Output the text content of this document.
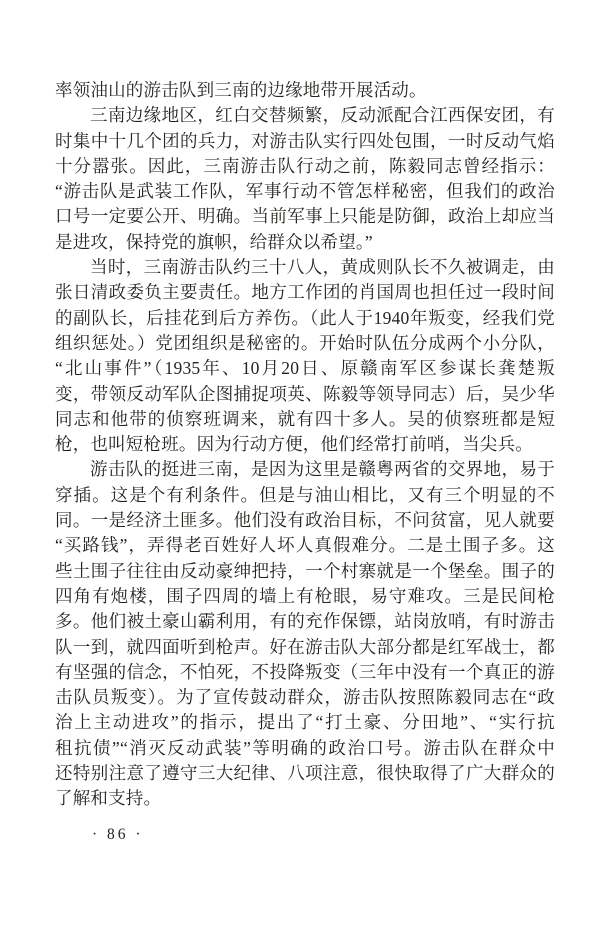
率领油山的游击队到三南的边缘地带开展活动。
三南边缘地区，红白交替频繁，反动派配合江西保安团，有
时集中十几个团的兵力，对游击队实行四处包围，一时反动气焰
十分嚣张。因此，三南游击队行动之前，陈毅同志曾经指示：
“游击队是武装工作队，军事行动不管怎样秘密，但我们的政治
口号一定要公开、明确。当前军事上只能是防御，政治上却应当
是进攻，保持党的旗帜，给群众以希望。”
当时，三南游击队约三十八人，黄成则队长不久被调走，由
张日清政委负主要责任。地方工作团的肖国周也担任过一段时间
的副队长，后挂花到后方养伤。（此人于1940年叛变，经我们党
组织惩处。）党团组织是秘密的。开始时队伍分成两个小分队，
“北山事件”（1935年、10月20日、原赣南军区参谋长龚楚叛
变，带领反动军队企图捕捉项英、陈毅等领导同志）后，吴少华
同志和他带的侦察班调来，就有四十多人。吴的侦察班都是短
枪，也叫短枪班。因为行动方便，他们经常打前哨，当尖兵。
游击队的挺进三南，是因为这里是赣粤两省的交界地，易于
穿插。这是个有利条件。但是与油山相比，又有三个明显的不
同。一是经济土匪多。他们没有政治目标，不问贫富，见人就要
“买路钱”，弄得老百姓好人坏人真假难分。二是土围子多。这
些土围子往往由反动豪绅把持，一个村寨就是一个堡垒。围子的
四角有炮楼，围子四周的墙上有枪眼，易守难攻。三是民间枪
多。他们被土豪山霸利用，有的充作保镖，站岗放哨，有时游击
队一到，就四面听到枪声。好在游击队大部分都是红军战士，都
有坚强的信念，不怕死，不投降叛变（三年中没有一个真正的游
击队员叛变）。为了宣传鼓动群众，游击队按照陈毅同志在“政
治上主动进攻”的指示，提出了“打土豪、分田地”、“实行抗
租抗债”“消灭反动武装”等明确的政治口号。游击队在群众中
还特别注意了遵守三大纪律、八项注意，很快取得了广大群众的
了解和支持。
· 86 ·
